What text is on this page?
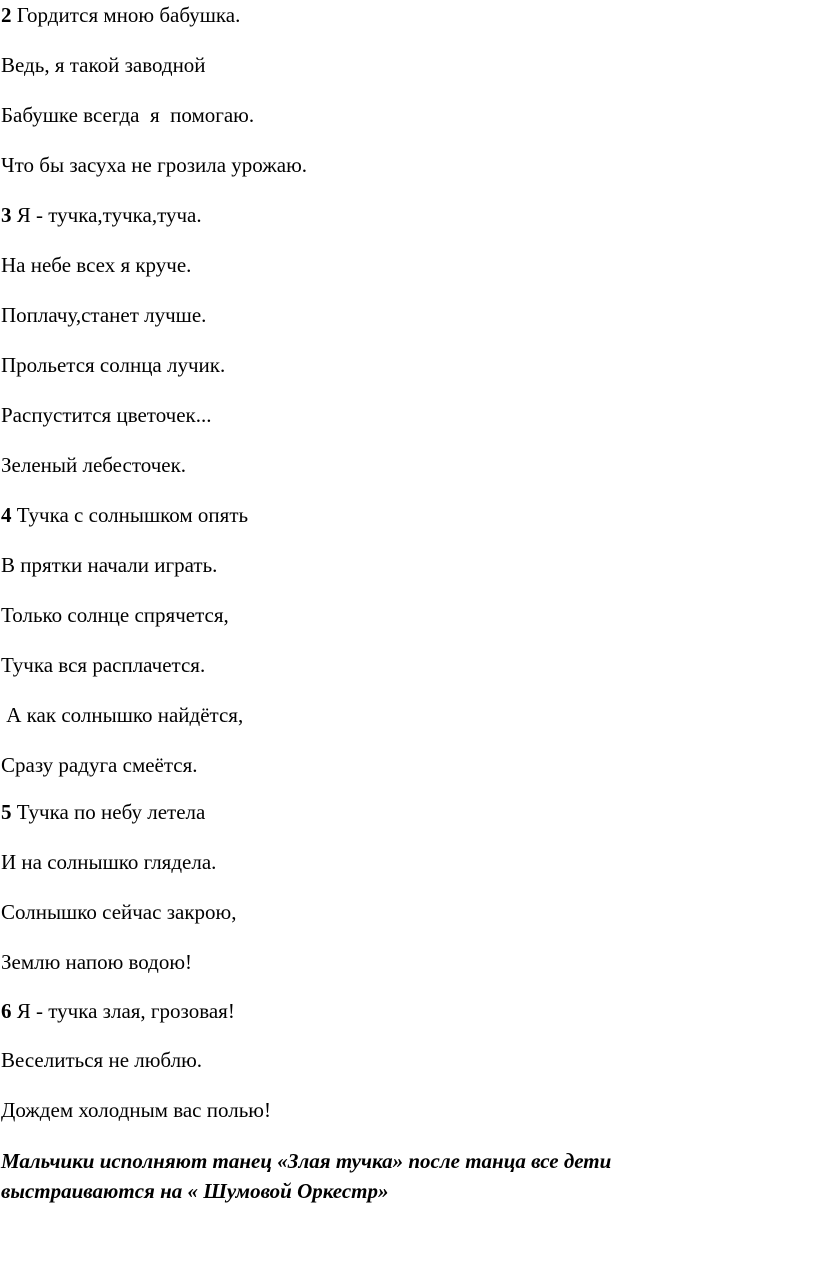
2 Гордится мною бабушка.
Ведь, я такой заводной
Бабушке всегда  я  помогаю.
Что бы засуха не грозила урожаю.
3 Я - тучка,тучка,туча.
На небе всех я круче.
Поплачу,станет лучше.
Прольется солнца лучик.
Распустится цветочек...
Зеленый лебесточек.
4 Тучка с солнышком опять
В прятки начали играть.
Только солнце спрячется,
Тучка вся расплачется.
А как солнышко найдётся,
Сразу радуга смеётся.
5 Тучка по небу летела
И на солнышко глядела.
Солнышко сейчас закрою,
Землю напою водою!
6 Я - тучка злая, грозовая!
Веселиться не люблю.
Дождем холодным вас полью!
Мальчики исполняют танец «Злая тучка» после танца все дети выстраиваются на « Шумовой Оркестр»
